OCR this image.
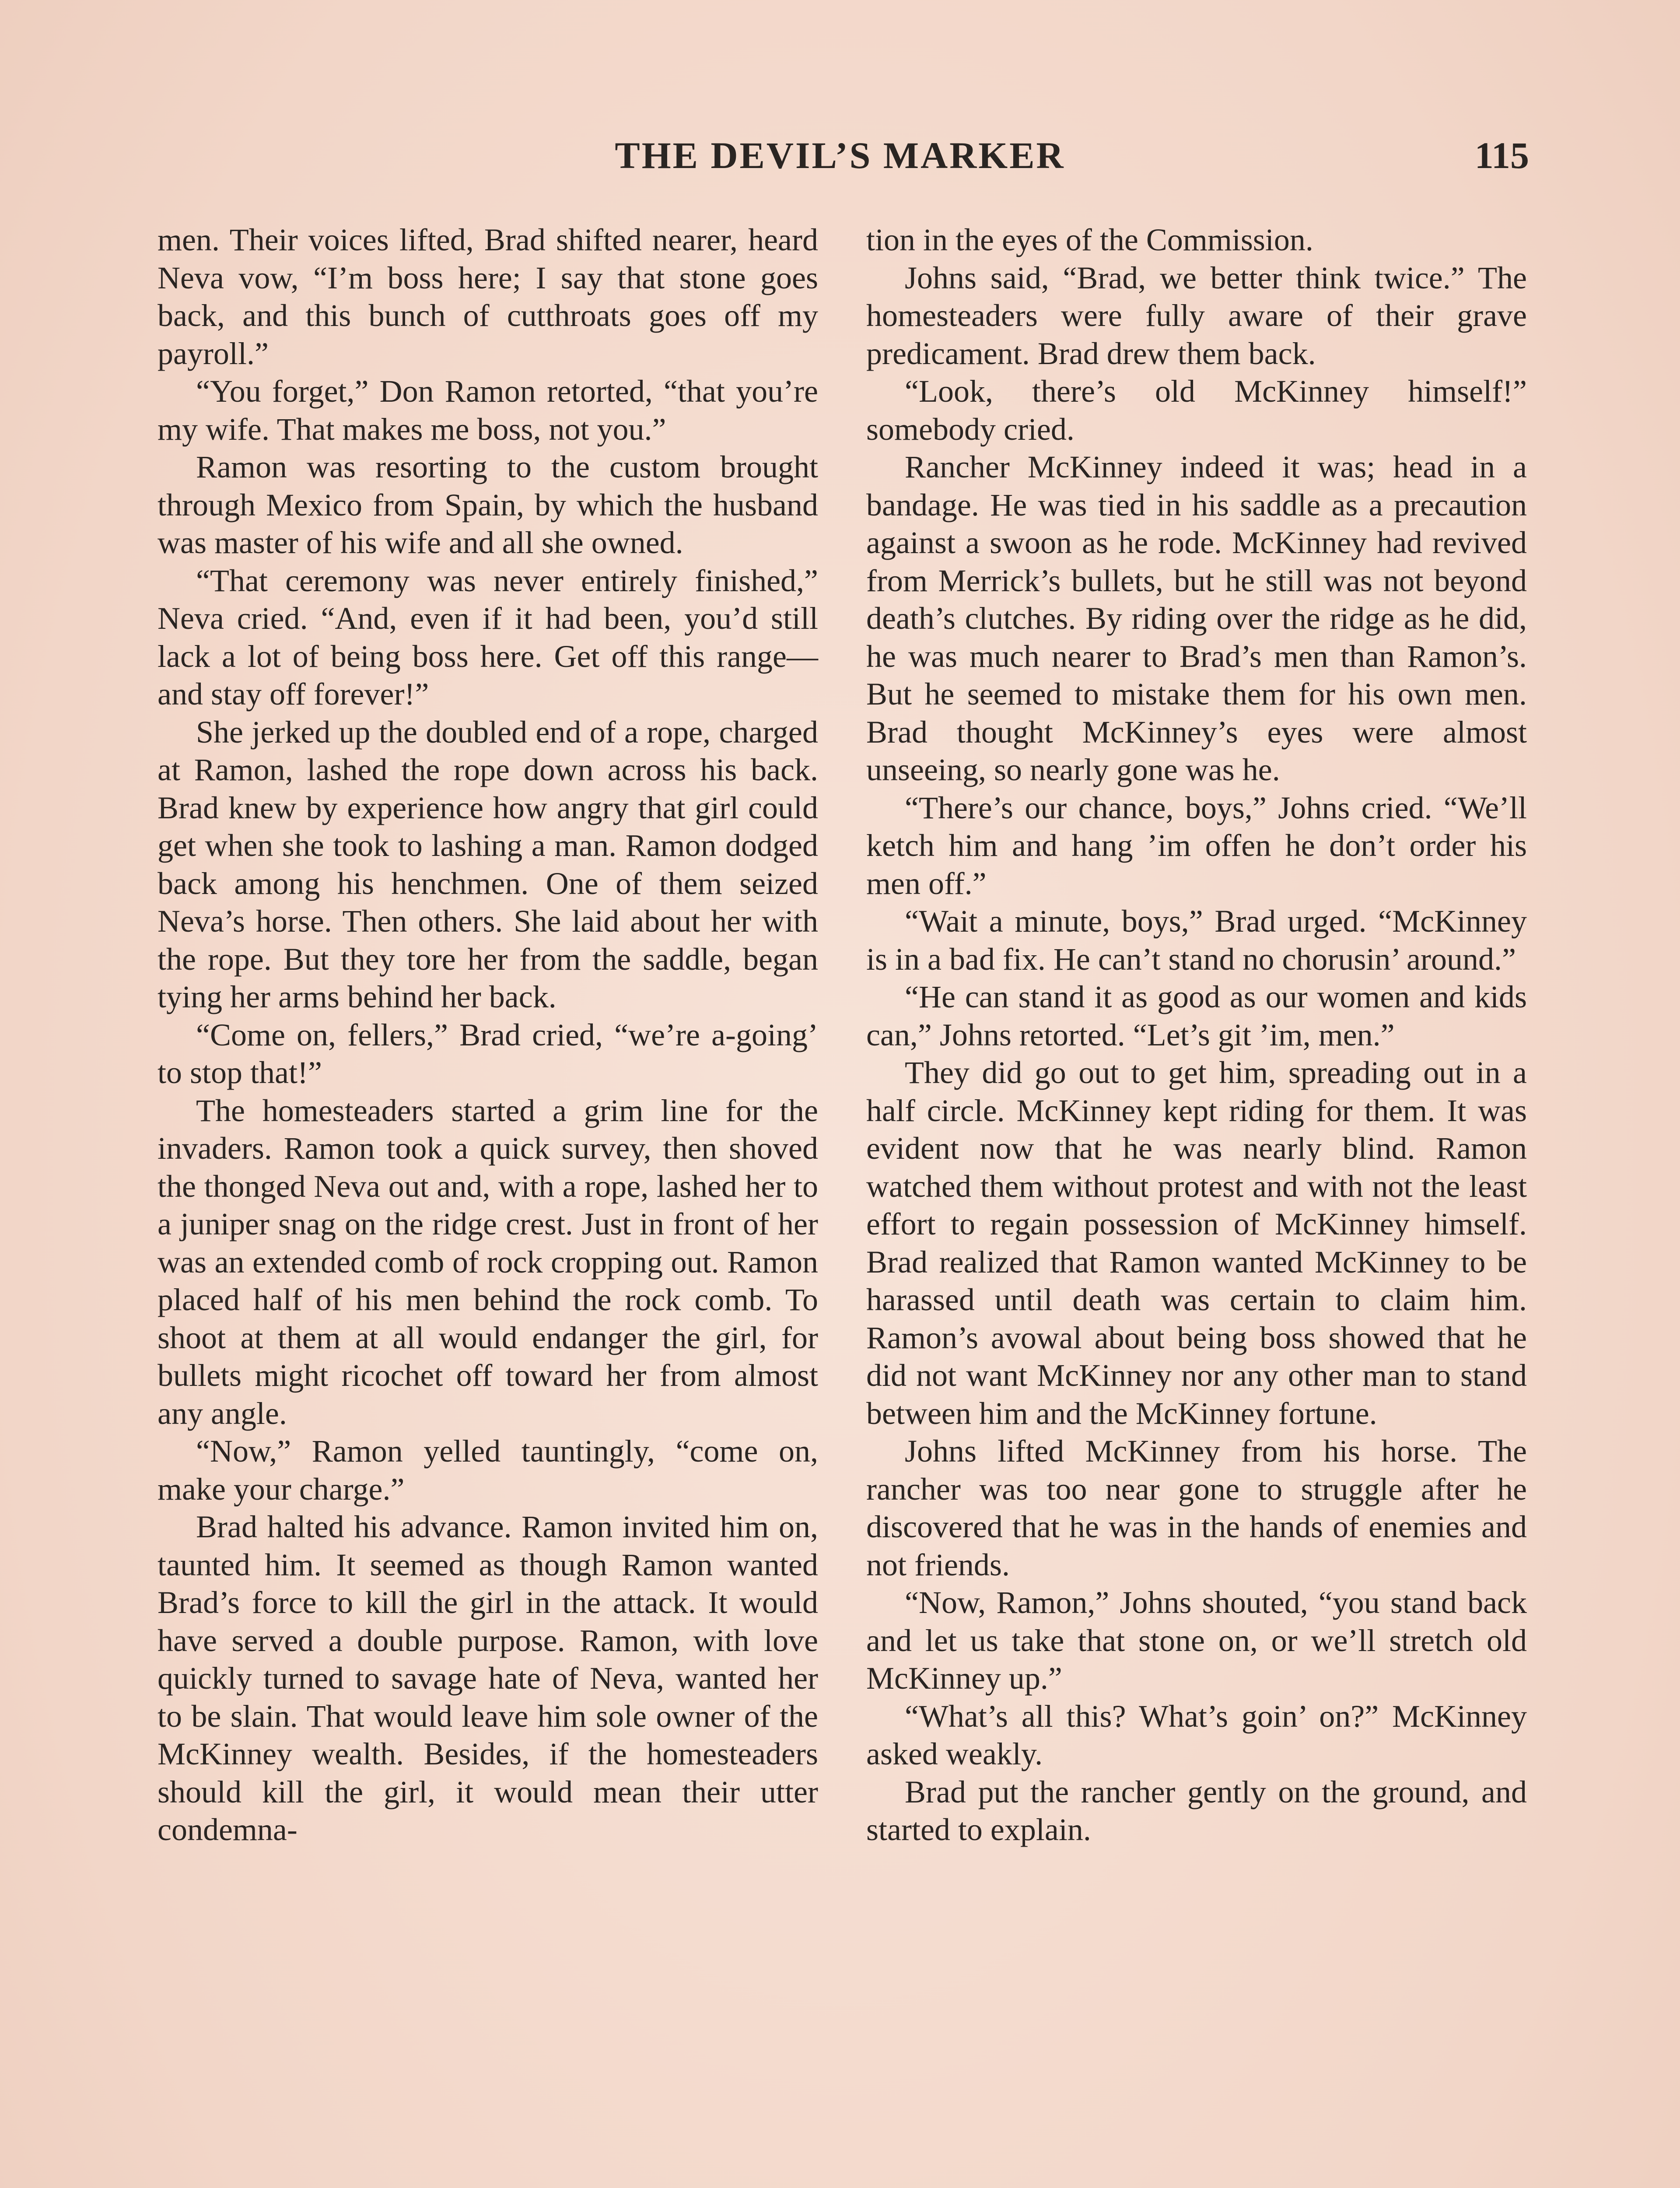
THE DEVIL’S MARKER	115

men. Their voices lifted, Brad shifted nearer, heard Neva vow, “I’m boss here; I say that stone goes back, and this bunch of cutthroats goes off my payroll.”

“You forget,” Don Ramon retorted, “that you’re my wife. That makes me boss, not you.”

Ramon was resorting to the custom brought through Mexico from Spain, by which the husband was master of his wife and all she owned.

“That ceremony was never entirely finished,” Neva cried. “And, even if it had been, you’d still lack a lot of being boss here. Get off this range—and stay off forever!”

She jerked up the doubled end of a rope, charged at Ramon, lashed the rope down across his back. Brad knew by experience how angry that girl could get when she took to lashing a man. Ramon dodged back among his henchmen. One of them seized Neva’s horse. Then others. She laid about her with the rope. But they tore her from the saddle, began tying her arms behind her back.

“Come on, fellers,” Brad cried, “we’re a-going’ to stop that!”

The homesteaders started a grim line for the invaders. Ramon took a quick survey, then shoved the thonged Neva out and, with a rope, lashed her to a juniper snag on the ridge crest. Just in front of her was an extended comb of rock cropping out. Ramon placed half of his men behind the rock comb. To shoot at them at all would endanger the girl, for bullets might ricochet off toward her from almost any angle.

“Now,” Ramon yelled tauntingly, “come on, make your charge.”

Brad halted his advance. Ramon invited him on, taunted him. It seemed as though Ramon wanted Brad’s force to kill the girl in the attack. It would have served a double purpose. Ramon, with love quickly turned to savage hate of Neva, wanted her to be slain. That would leave him sole owner of the McKinney wealth. Besides, if the homesteaders should kill the girl, it would mean their utter condemna-

tion in the eyes of the Commission.

Johns said, “Brad, we better think twice.” The homesteaders were fully aware of their grave predicament. Brad drew them back.

“Look, there’s old McKinney himself!” somebody cried.

Rancher McKinney indeed it was; head in a bandage. He was tied in his saddle as a precaution against a swoon as he rode. McKinney had revived from Merrick’s bullets, but he still was not beyond death’s clutches. By riding over the ridge as he did, he was much nearer to Brad’s men than Ramon’s. But he seemed to mistake them for his own men. Brad thought McKinney’s eyes were almost unseeing, so nearly gone was he.

“There’s our chance, boys,” Johns cried. “We’ll ketch him and hang ’im offen he don’t order his men off.”

“Wait a minute, boys,” Brad urged. “McKinney is in a bad fix. He can’t stand no chorusin’ around.”

“He can stand it as good as our women and kids can,” Johns retorted. “Let’s git ’im, men.”

They did go out to get him, spreading out in a half circle. McKinney kept riding for them. It was evident now that he was nearly blind. Ramon watched them without protest and with not the least effort to regain possession of McKinney himself. Brad realized that Ramon wanted McKinney to be harassed until death was certain to claim him. Ramon’s avowal about being boss showed that he did not want McKinney nor any other man to stand between him and the McKinney fortune.

Johns lifted McKinney from his horse. The rancher was too near gone to struggle after he discovered that he was in the hands of enemies and not friends.

“Now, Ramon,” Johns shouted, “you stand back and let us take that stone on, or we’ll stretch old McKinney up.”

“What’s all this? What’s goin’ on?” McKinney asked weakly.

Brad put the rancher gently on the ground, and started to explain.
